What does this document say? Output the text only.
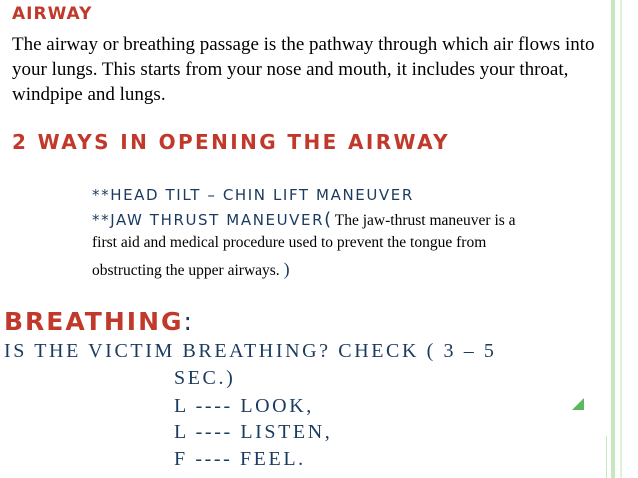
AIRWAY
The airway or breathing passage is the pathway through which air flows into your lungs. This starts from your nose and mouth, it includes your throat, windpipe and lungs.
2 WAYS IN OPENING THE AIRWAY
**HEAD TILT – CHIN LIFT MANEUVER
**JAW THRUST MANEUVER( The jaw-thrust maneuver is a
first aid and medical procedure used to prevent the tongue from
obstructing the upper airways. )
BREATHING:
IS THE VICTIM BREATHING? CHECK ( 3 – 5
SEC.)
L ---- LOOK,
L ---- LISTEN,
F ---- FEEL.
